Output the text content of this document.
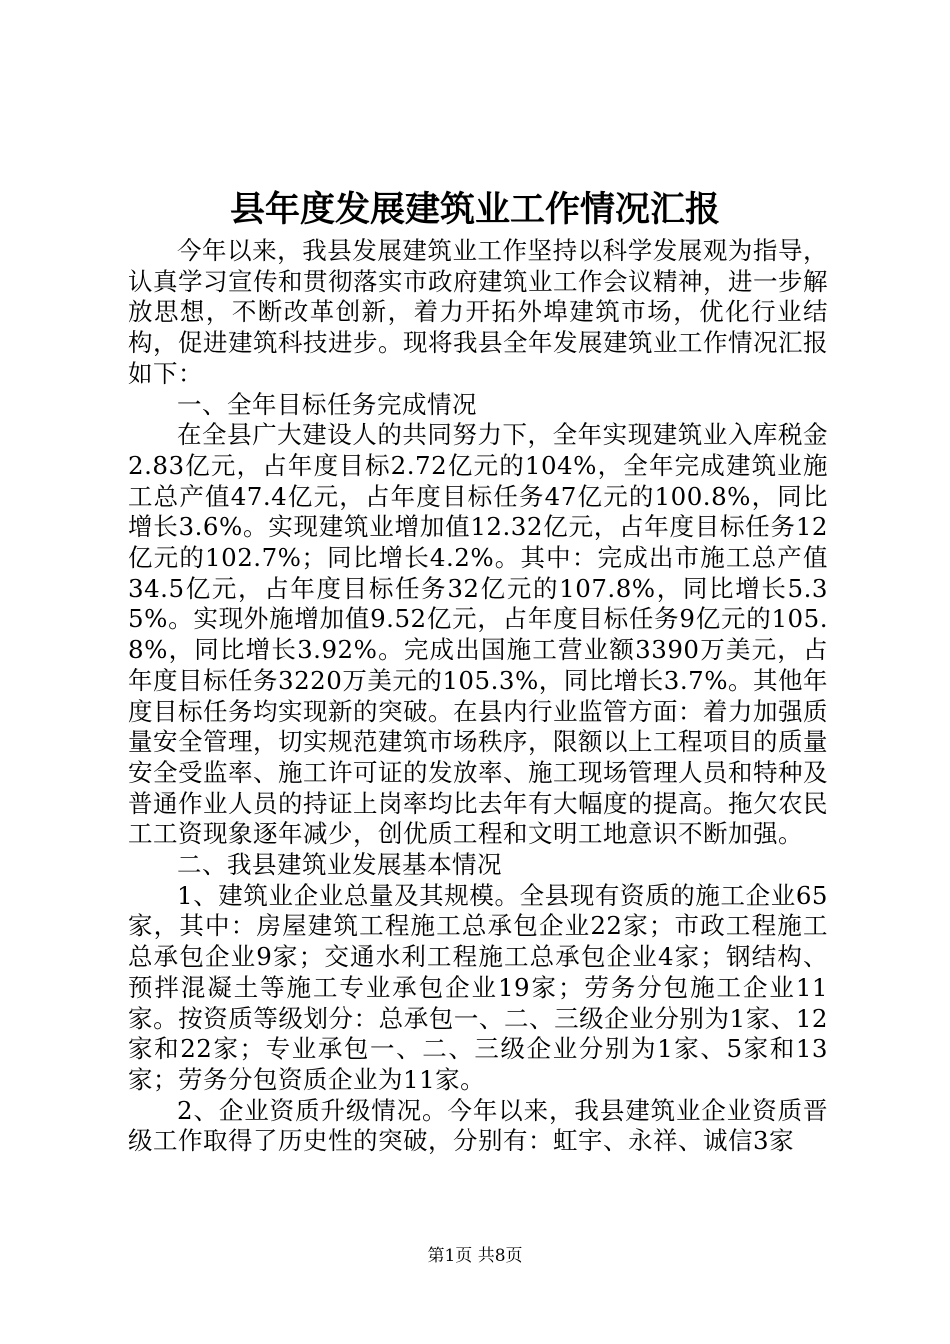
县年度发展建筑业工作情况汇报

今年以来，我县发展建筑业工作坚持以科学发展观为指导，认真学习宣传和贯彻落实市政府建筑业工作会议精神，进一步解放思想，不断改革创新，着力开拓外埠建筑市场，优化行业结构，促进建筑科技进步。现将我县全年发展建筑业工作情况汇报如下：

一、全年目标任务完成情况

在全县广大建设人的共同努力下，全年实现建筑业入库税金2.83亿元，占年度目标2.72亿元的104%，全年完成建筑业施工总产值47.4亿元，占年度目标任务47亿元的100.8%，同比增长3.6%。实现建筑业增加值12.32亿元，占年度目标任务12亿元的102.7%；同比增长4.2%。其中：完成出市施工总产值34.5亿元，占年度目标任务32亿元的107.8%，同比增长5.35%。实现外施增加值9.52亿元，占年度目标任务9亿元的105.8%，同比增长3.92%。完成出国施工营业额3390万美元，占年度目标任务3220万美元的105.3%，同比增长3.7%。其他年度目标任务均实现新的突破。在县内行业监管方面：着力加强质量安全管理，切实规范建筑市场秩序，限额以上工程项目的质量安全受监率、施工许可证的发放率、施工现场管理人员和特种及普通作业人员的持证上岗率均比去年有大幅度的提高。拖欠农民工工资现象逐年减少，创优质工程和文明工地意识不断加强。

二、我县建筑业发展基本情况

1、建筑业企业总量及其规模。全县现有资质的施工企业65家，其中：房屋建筑工程施工总承包企业22家；市政工程施工总承包企业9家；交通水利工程施工总承包企业4家；钢结构、预拌混凝土等施工专业承包企业19家；劳务分包施工企业11家。按资质等级划分：总承包一、二、三级企业分别为1家、12家和22家；专业承包一、二、三级企业分别为1家、5家和13家；劳务分包资质企业为11家。

2、企业资质升级情况。今年以来，我县建筑业企业资质晋级工作取得了历史性的突破，分别有：虹宇、永祥、诚信3家

第1页 共8页
